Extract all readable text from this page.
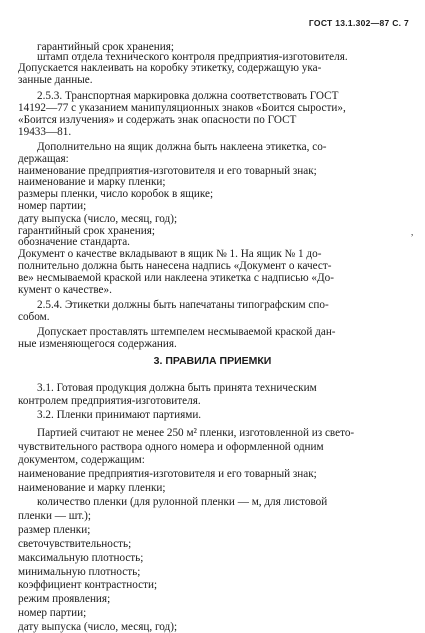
ГОСТ 13.1.302—87 С. 7
гарантийный срок хранения;
штамп отдела технического контроля предприятия-изготовителя.
Допускается наклеивать на коробку этикетку, содержащую ука-
занные данные.
2.5.3. Транспортная маркировка должна соответствовать ГОСТ
14192—77 с указанием манипуляционных знаков «Боится сырости»,
«Боится излучения» и содержать знак опасности по ГОСТ
19433—81.
Дополнительно на ящик должна быть наклеена этикетка, со-
держащая:
наименование предприятия-изготовителя и его товарный знак;
наименование и марку пленки;
размеры пленки, число коробок в ящике;
номер партии;
дату выпуска (число, месяц, год);
гарантийный срок хранения;
обозначение стандарта.
Документ о качестве вкладывают в ящик № 1. На ящик № 1 до-
полнительно должна быть нанесена надпись «Документ о качест-
ве» несмываемой краской или наклеена этикетка с надписью «До-
кумент о качестве».
2.5.4. Этикетки должны быть напечатаны типографским спо-
собом.
Допускает проставлять штемпелем несмываемой краской дан-
ные изменяющегося содержания.
3. ПРАВИЛА ПРИЕМКИ
3.1. Готовая продукция должна быть принята техническим
контролем предприятия-изготовителя.
3.2. Пленки принимают партиями.
Партией считают не менее 250 м² пленки, изготовленной из свето-
чувствительного раствора одного номера и оформленной одним
документом, содержащим:
наименование предприятия-изготовителя и его товарный знак;
наименование и марку пленки;
количество пленки (для рулонной пленки — м, для листовой
пленки — шт.);
размер пленки;
светочувствительность;
максимальную плотность;
минимальную плотность;
коэффициент контрастности;
режим проявления;
номер партии;
дату выпуска (число, месяц, год);
,
